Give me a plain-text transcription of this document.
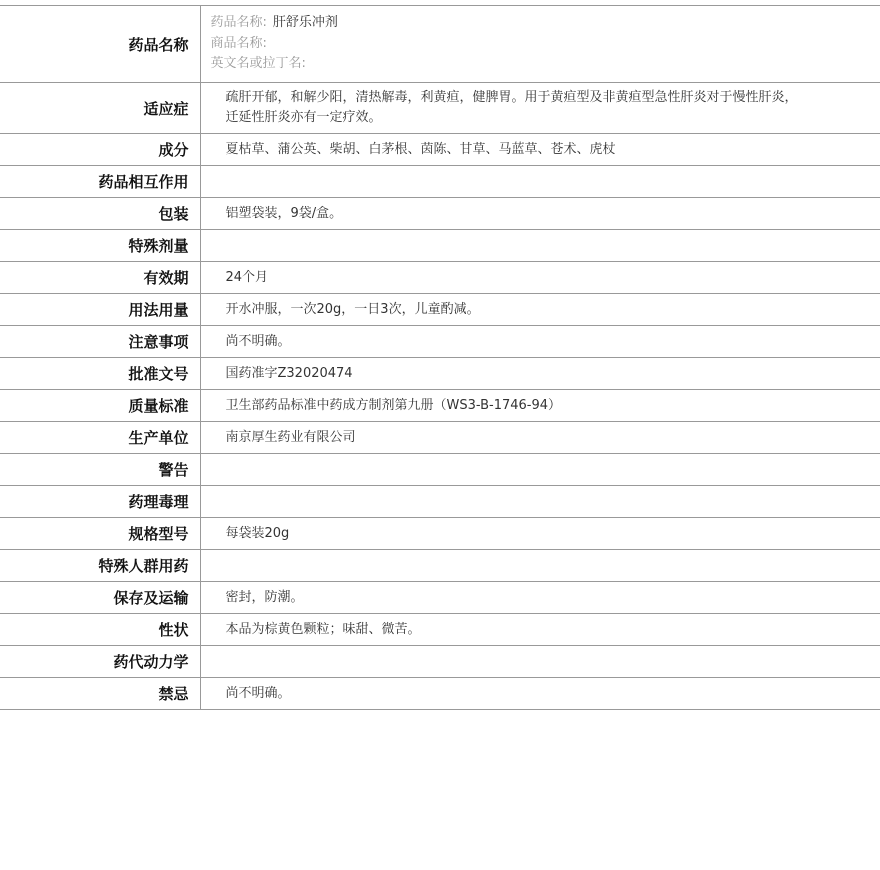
药品名称	药品名称: 肝舒乐冲剂
商品名称:
英文名或拉丁名:

适应症	疏肝开郁，和解少阳，清热解毒，利黄疸，健脾胃。用于黄疸型及非黄疸型急性肝炎对于慢性肝炎，迁延性肝炎亦有一定疗效。
成分	夏枯草、蒲公英、柴胡、白茅根、茵陈、甘草、马蓝草、苍术、虎杖
药品相互作用	
包装	铝塑袋装，9袋/盒。
特殊剂量	
有效期	24个月
用法用量	开水冲服，一次20g，一日3次，儿童酌减。
注意事项	尚不明确。
批准文号	国药准字Z32020474
质量标准	卫生部药品标准中药成方制剂第九册（WS3-B-1746-94）
生产单位	南京厚生药业有限公司
警告	
药理毒理	
规格型号	每袋装20g
特殊人群用药	
保存及运输	密封，防潮。
性状	本品为棕黄色颗粒；味甜、微苦。
药代动力学	
禁忌	尚不明确。
